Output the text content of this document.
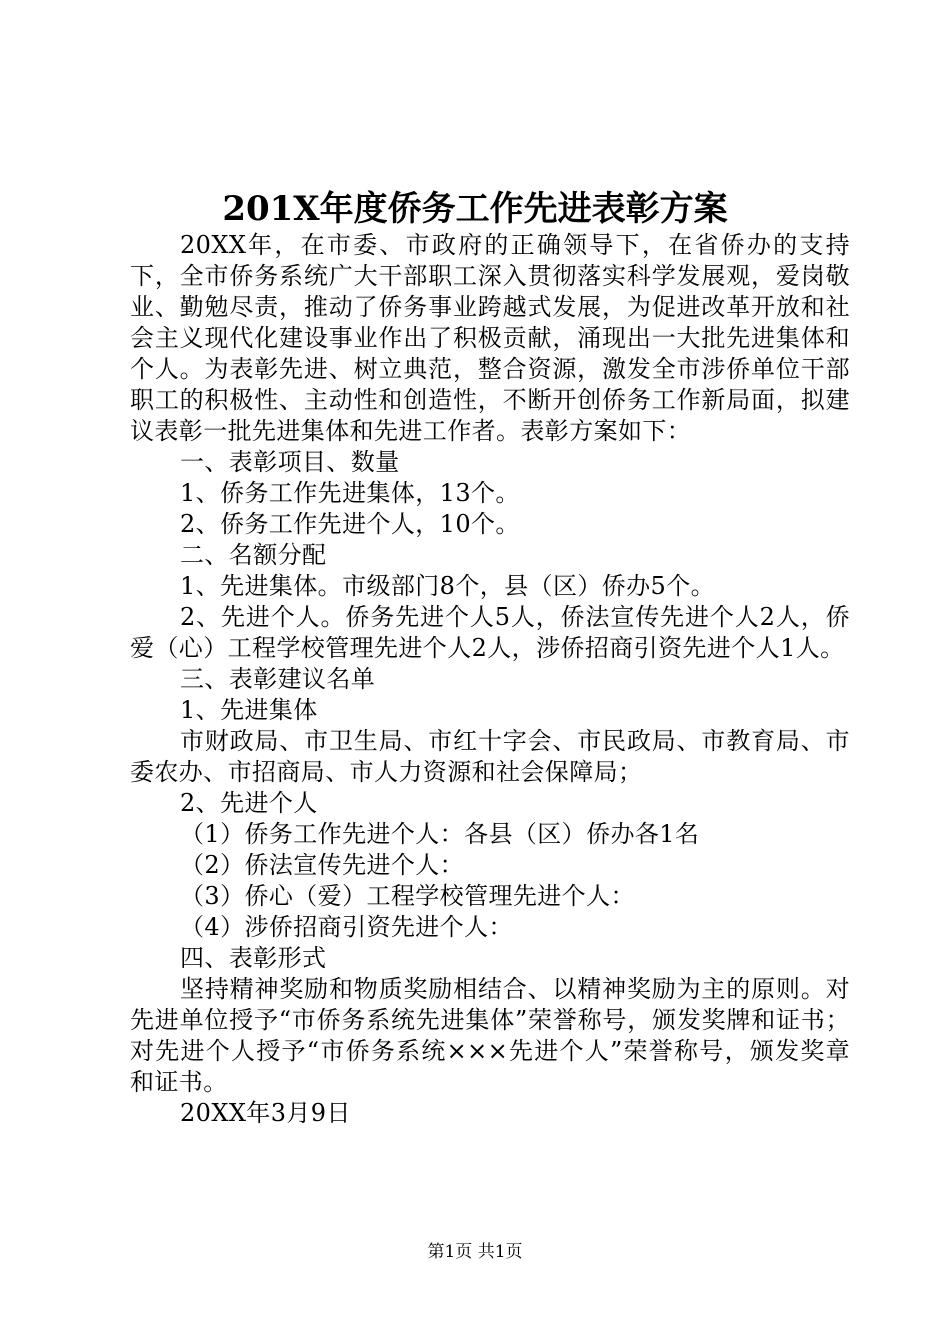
201X年度侨务工作先进表彰方案

20XX年，在市委、市政府的正确领导下，在省侨办的支持下，全市侨务系统广大干部职工深入贯彻落实科学发展观，爱岗敬业、勤勉尽责，推动了侨务事业跨越式发展，为促进改革开放和社会主义现代化建设事业作出了积极贡献，涌现出一大批先进集体和个人。为表彰先进、树立典范，整合资源，激发全市涉侨单位干部职工的积极性、主动性和创造性，不断开创侨务工作新局面，拟建议表彰一批先进集体和先进工作者。表彰方案如下：

一、表彰项目、数量

1、侨务工作先进集体，13个。

2、侨务工作先进个人，10个。

二、名额分配

1、先进集体。市级部门8个，县（区）侨办5个。

2、先进个人。侨务先进个人5人，侨法宣传先进个人2人，侨爱（心）工程学校管理先进个人2人，涉侨招商引资先进个人1人。

三、表彰建议名单

1、先进集体

市财政局、市卫生局、市红十字会、市民政局、市教育局、市委农办、市招商局、市人力资源和社会保障局；

2、先进个人

（1）侨务工作先进个人：各县（区）侨办各1名

（2）侨法宣传先进个人：

（3）侨心（爱）工程学校管理先进个人：

（4）涉侨招商引资先进个人：

四、表彰形式

坚持精神奖励和物质奖励相结合、以精神奖励为主的原则。对先进单位授予“市侨务系统先进集体”荣誉称号，颁发奖牌和证书；对先进个人授予“市侨务系统×××先进个人”荣誉称号，颁发奖章和证书。

20XX年3月9日

第1页 共1页
